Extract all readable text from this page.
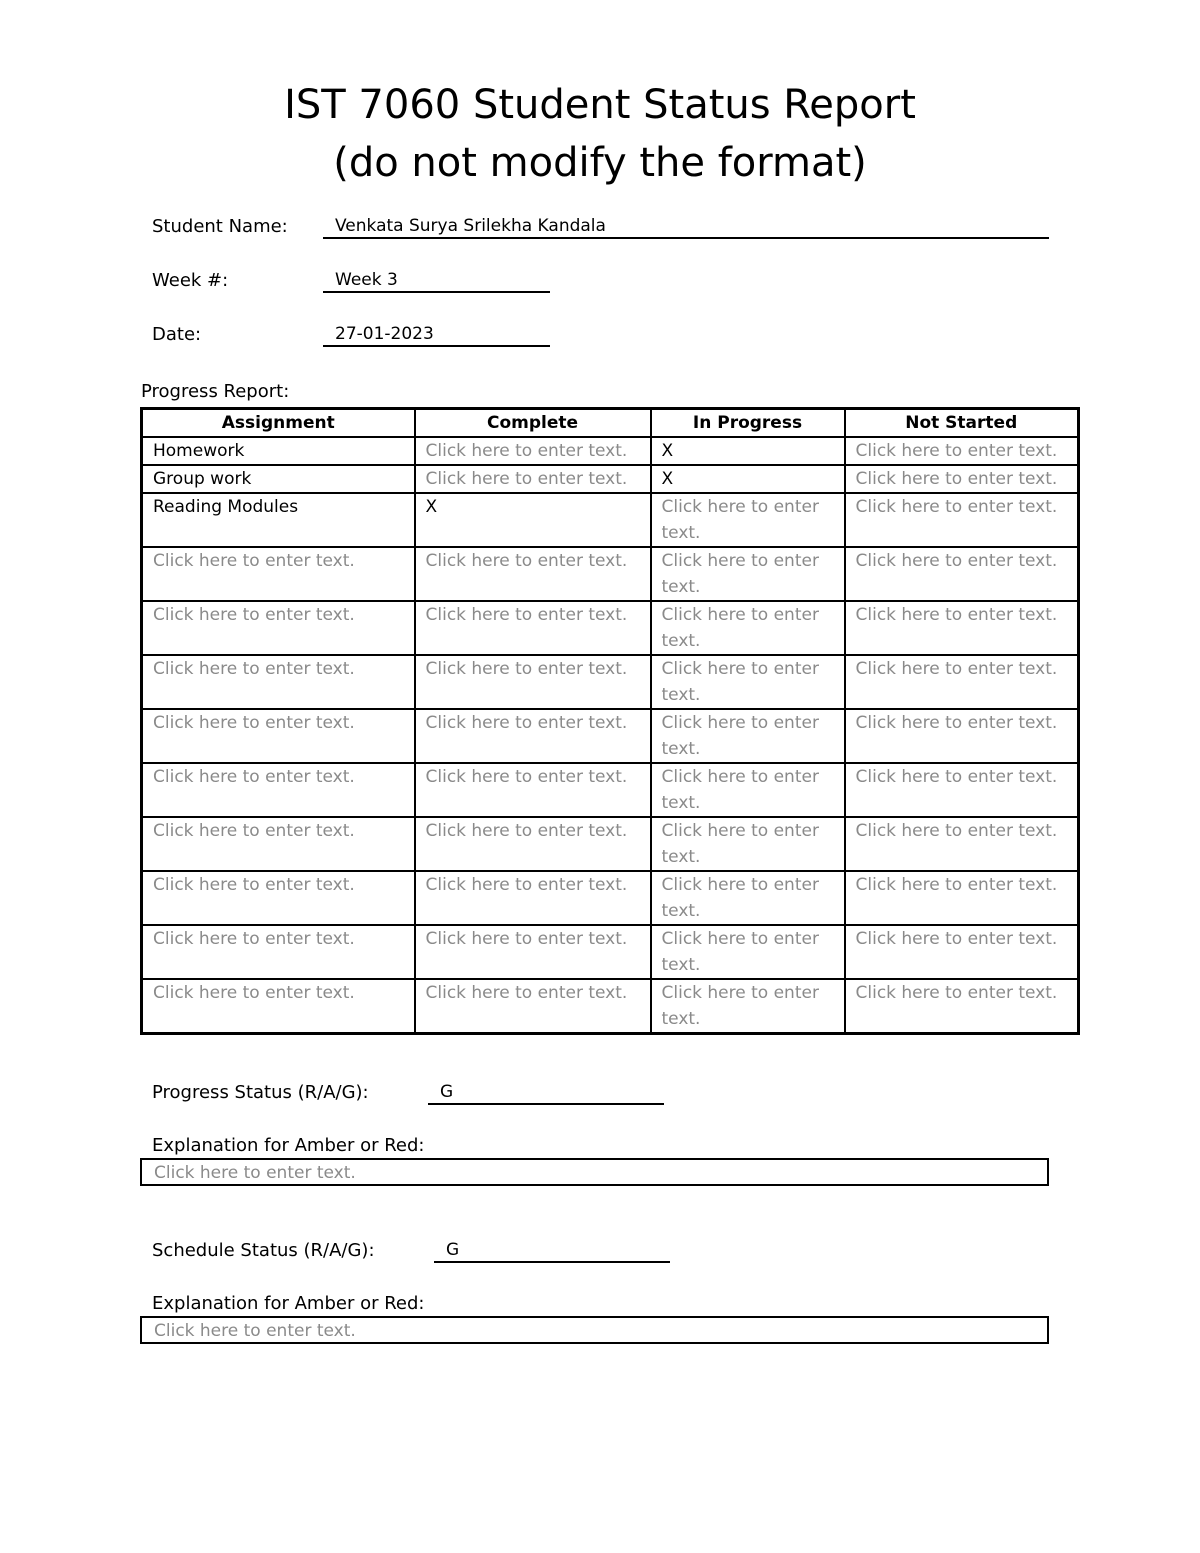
IST 7060 Student Status Report
(do not modify the format)
Student Name:	Venkata Surya Srilekha Kandala
Week #:	Week 3
Date:	27-01-2023
Progress Report:
Assignment	Complete	In Progress	Not Started
Homework	Click here to enter text.	X	Click here to enter text.
Group work	Click here to enter text.	X	Click here to enter text.
Reading Modules	X	Click here to enter text.	Click here to enter text.
Click here to enter text.	Click here to enter text.	Click here to enter text.	Click here to enter text.
Click here to enter text.	Click here to enter text.	Click here to enter text.	Click here to enter text.
Click here to enter text.	Click here to enter text.	Click here to enter text.	Click here to enter text.
Click here to enter text.	Click here to enter text.	Click here to enter text.	Click here to enter text.
Click here to enter text.	Click here to enter text.	Click here to enter text.	Click here to enter text.
Click here to enter text.	Click here to enter text.	Click here to enter text.	Click here to enter text.
Click here to enter text.	Click here to enter text.	Click here to enter text.	Click here to enter text.
Click here to enter text.	Click here to enter text.	Click here to enter text.	Click here to enter text.
Click here to enter text.	Click here to enter text.	Click here to enter text.	Click here to enter text.
Progress Status (R/A/G):	G
Explanation for Amber or Red:
Click here to enter text.
Schedule Status (R/A/G):	G
Explanation for Amber or Red:
Click here to enter text.
